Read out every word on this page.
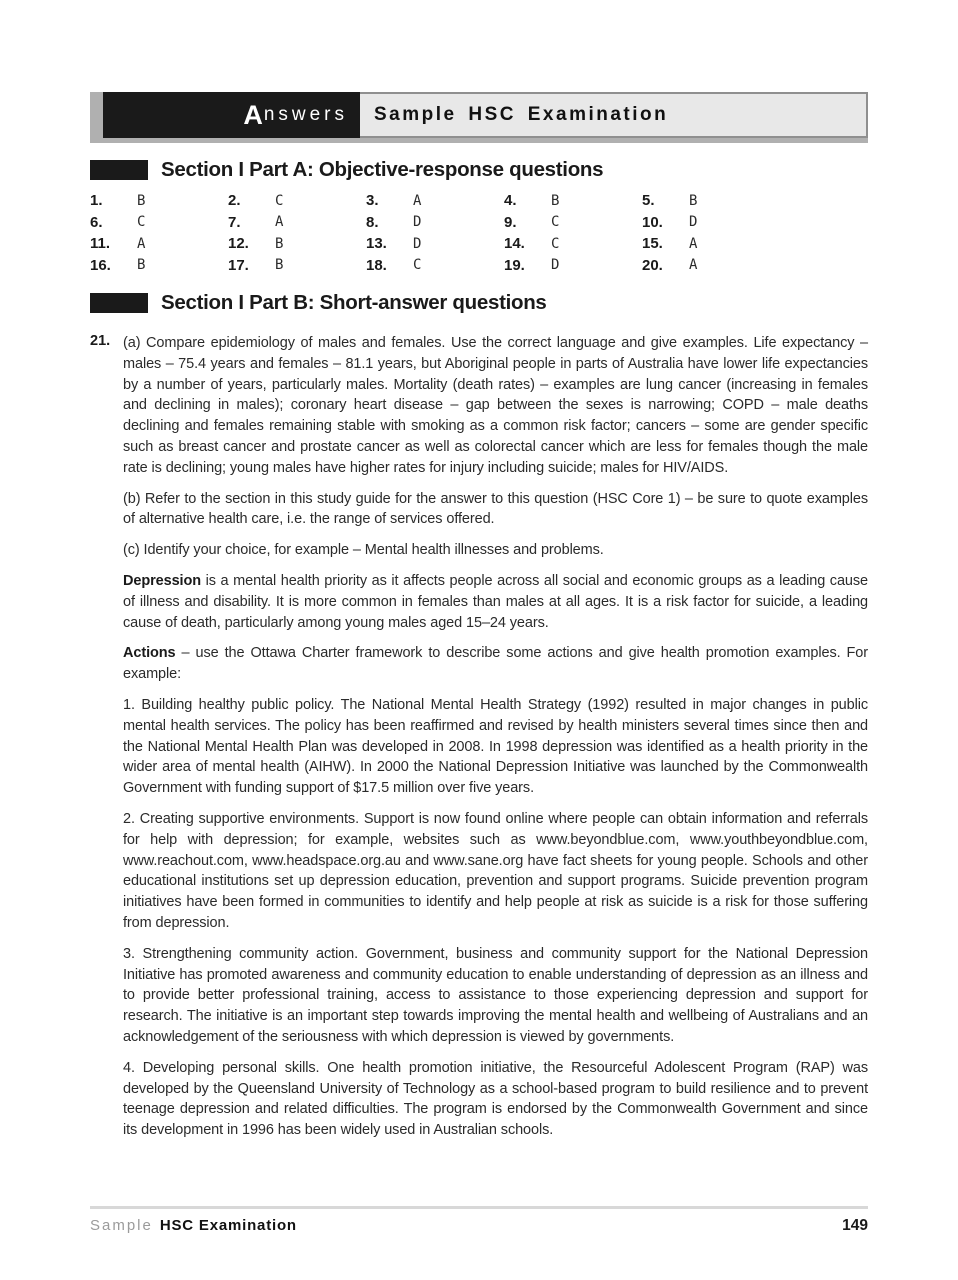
A nswers	Sample HSC Examination
Section I Part A: Objective-response questions
1.	B	2.	C	3.	A	4.	B	5.	B
6.	C	7.	A	8.	D	9.	C	10.	D
11.	A	12.	B	13.	D	14.	C	15.	A
16.	B	17.	B	18.	C	19.	D	20.	A
Section I Part B: Short-answer questions
21. (a) Compare epidemiology of males and females. Use the correct language and give examples. Life expectancy – males – 75.4 years and females – 81.1 years, but Aboriginal people in parts of Australia have lower life expectancies by a number of years, particularly males. Mortality (death rates) – examples are lung cancer (increasing in females and declining in males); coronary heart disease – gap between the sexes is narrowing; COPD – male deaths declining and females remaining stable with smoking as a common risk factor; cancers – some are gender specific such as breast cancer and prostate cancer as well as colorectal cancer which are less for females though the male rate is declining; young males have higher rates for injury including suicide; males for HIV/AIDS.

(b) Refer to the section in this study guide for the answer to this question (HSC Core 1) – be sure to quote examples of alternative health care, i.e. the range of services offered.

(c) Identify your choice, for example – Mental health illnesses and problems.

Depression is a mental health priority as it affects people across all social and economic groups as a leading cause of illness and disability. It is more common in females than males at all ages. It is a risk factor for suicide, a leading cause of death, particularly among young males aged 15–24 years.

Actions – use the Ottawa Charter framework to describe some actions and give health promotion examples. For example:

1. Building healthy public policy. The National Mental Health Strategy (1992) resulted in major changes in public mental health services. The policy has been reaffirmed and revised by health ministers several times since then and the National Mental Health Plan was developed in 2008. In 1998 depression was identified as a health priority in the wider area of mental health (AIHW). In 2000 the National Depression Initiative was launched by the Commonwealth Government with funding support of $17.5 million over five years.

2. Creating supportive environments. Support is now found online where people can obtain information and referrals for help with depression; for example, websites such as www.beyondblue.com, www.youthbeyondblue.com, www.reachout.com, www.headspace.org.au and www.sane.org have fact sheets for young people. Schools and other educational institutions set up depression education, prevention and support programs. Suicide prevention program initiatives have been formed in communities to identify and help people at risk as suicide is a risk for those suffering from depression.

3. Strengthening community action. Government, business and community support for the National Depression Initiative has promoted awareness and community education to enable understanding of depression as an illness and to provide better professional training, access to assistance to those experiencing depression and support for research. The initiative is an important step towards improving the mental health and wellbeing of Australians and an acknowledgement of the seriousness with which depression is viewed by governments.

4. Developing personal skills. One health promotion initiative, the Resourceful Adolescent Program (RAP) was developed by the Queensland University of Technology as a school-based program to build resilience and to prevent teenage depression and related difficulties. The program is endorsed by the Commonwealth Government and since its development in 1996 has been widely used in Australian schools.

Sample HSC Examination	149
